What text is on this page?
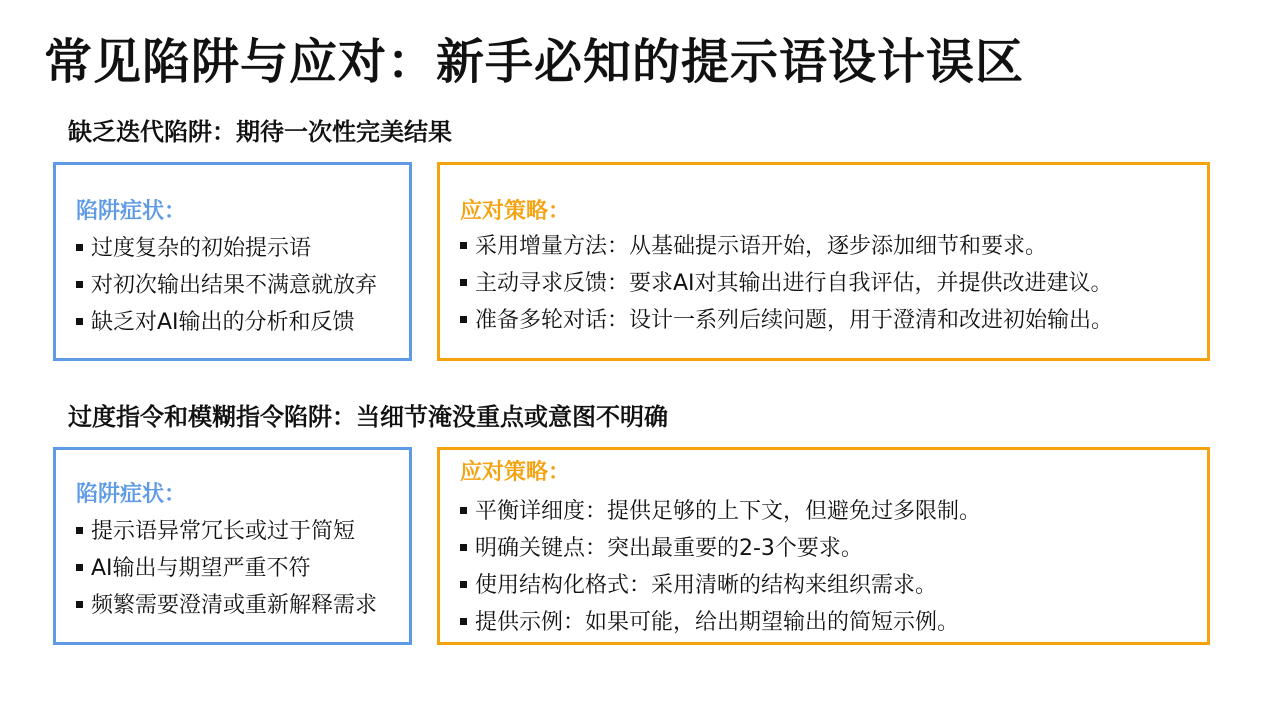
常见陷阱与应对：新手必知的提示语设计误区
缺乏迭代陷阱：期待一次性完美结果
陷阱症状：
过度复杂的初始提示语
对初次输出结果不满意就放弃
缺乏对AI输出的分析和反馈
应对策略：
采用增量方法：从基础提示语开始，逐步添加细节和要求。
主动寻求反馈：要求AI对其输出进行自我评估，并提供改进建议。
准备多轮对话：设计一系列后续问题，用于澄清和改进初始输出。
过度指令和模糊指令陷阱：当细节淹没重点或意图不明确
陷阱症状：
提示语异常冗长或过于简短
AI输出与期望严重不符
频繁需要澄清或重新解释需求
应对策略：
平衡详细度：提供足够的上下文，但避免过多限制。
明确关键点：突出最重要的2-3个要求。
使用结构化格式：采用清晰的结构来组织需求。
提供示例：如果可能，给出期望输出的简短示例。
